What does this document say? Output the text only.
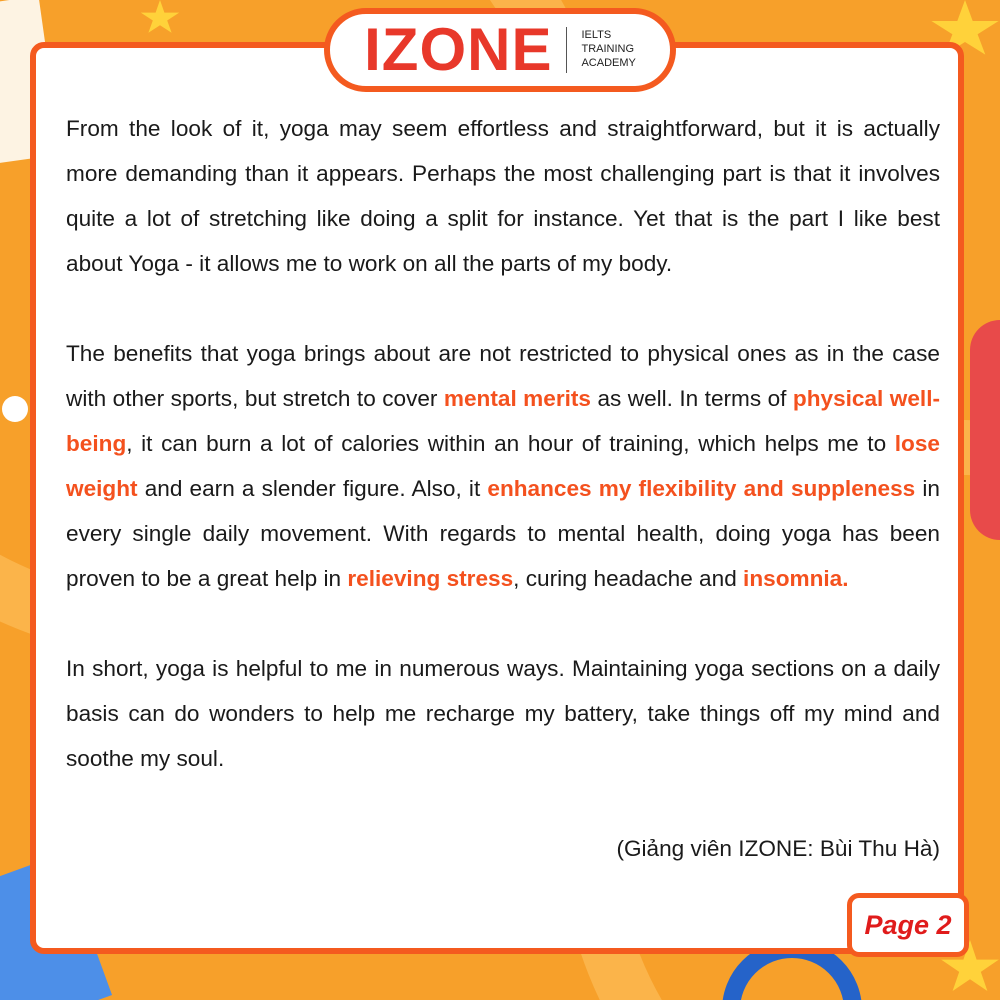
IZONE	IELTS
TRAINING
ACADEMY

From the look of it, yoga may seem effortless and straightforward, but it is actually more demanding than it appears. Perhaps the most challenging part is that it involves quite a lot of stretching like doing a split for instance. Yet that is the part I like best about Yoga - it allows me to work on all the parts of my body.

The benefits that yoga brings about are not restricted to physical ones as in the case with other sports, but stretch to cover mental merits as well. In terms of physical well-being, it can burn a lot of calories within an hour of training, which helps me to lose weight and earn a slender figure. Also, it enhances my flexibility and suppleness in every single daily movement. With regards to mental health, doing yoga has been proven to be a great help in relieving stress, curing headache and insomnia.

In short, yoga is helpful to me in numerous ways. Maintaining yoga sections on a daily basis can do wonders to help me recharge my battery, take things off my mind and soothe my soul.

(Giảng viên IZONE: Bùi Thu Hà)
Page 2
